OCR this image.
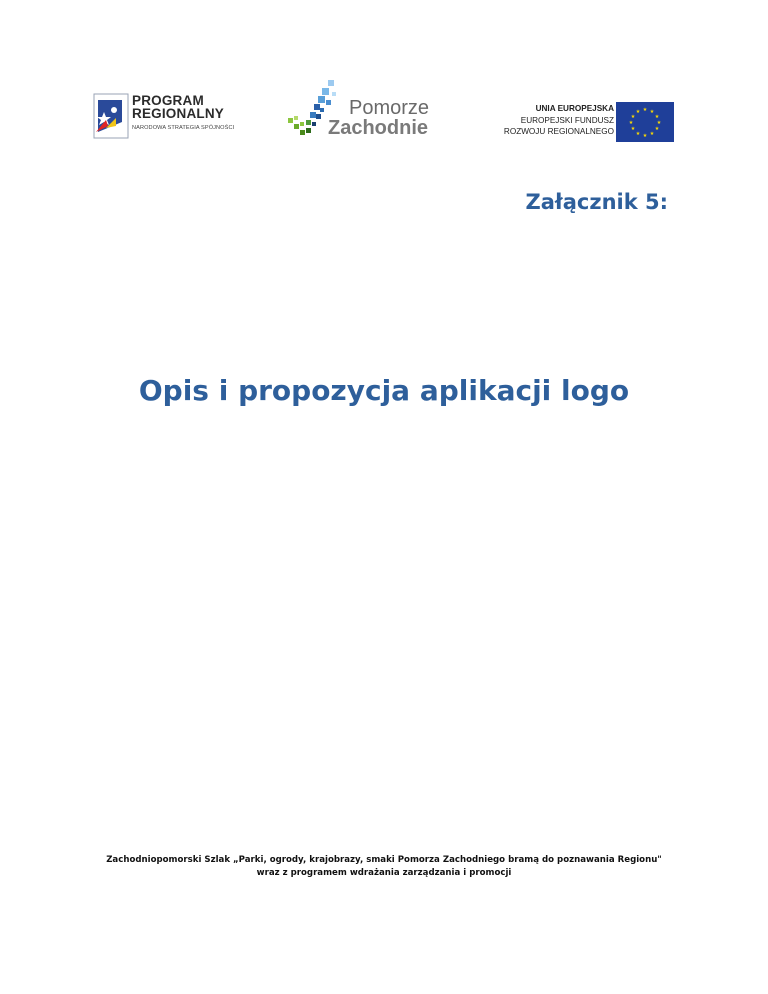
PROGRAM
REGIONALNY
NARODOWA STRATEGIA SPÓJNOŚCI
Pomorze
Zachodnie
UNIA EUROPEJSKA
EUROPEJSKI FUNDUSZ
ROZWOJU REGIONALNEGO
★ ★
★
★
★
★
★
★
★
★
★
★
Załącznik 5:
Opis i propozycja aplikacji logo
Zachodniopomorski Szlak „Parki, ogrody, krajobrazy, smaki Pomorza Zachodniego bramą do poznawania Regionu"
wraz z programem wdrażania zarządzania i promocji
